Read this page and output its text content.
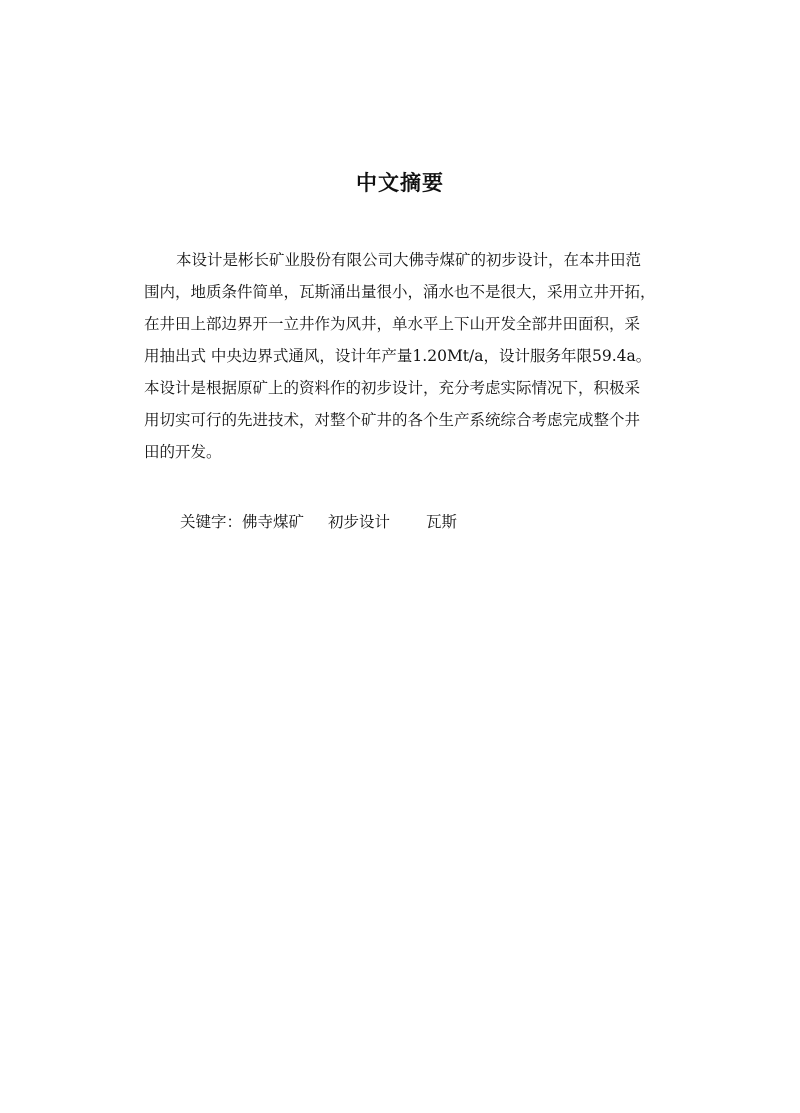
中文摘要
本设计是彬长矿业股份有限公司大佛寺煤矿的初步设计，在本井田范
围内，地质条件简单，瓦斯涌出量很小，涌水也不是很大，采用立井开拓，
在井田上部边界开一立井作为风井，单水平上下山开发全部井田面积，采
用抽出式 中央边界式通风，设计年产量1.20Mt/a，设计服务年限59.4a。
本设计是根据原矿上的资料作的初步设计，充分考虑实际情况下，积极采
用切实可行的先进技术，对整个矿井的各个生产系统综合考虑完成整个井
田的开发。
关键字：佛寺煤矿 初步设计 瓦斯
